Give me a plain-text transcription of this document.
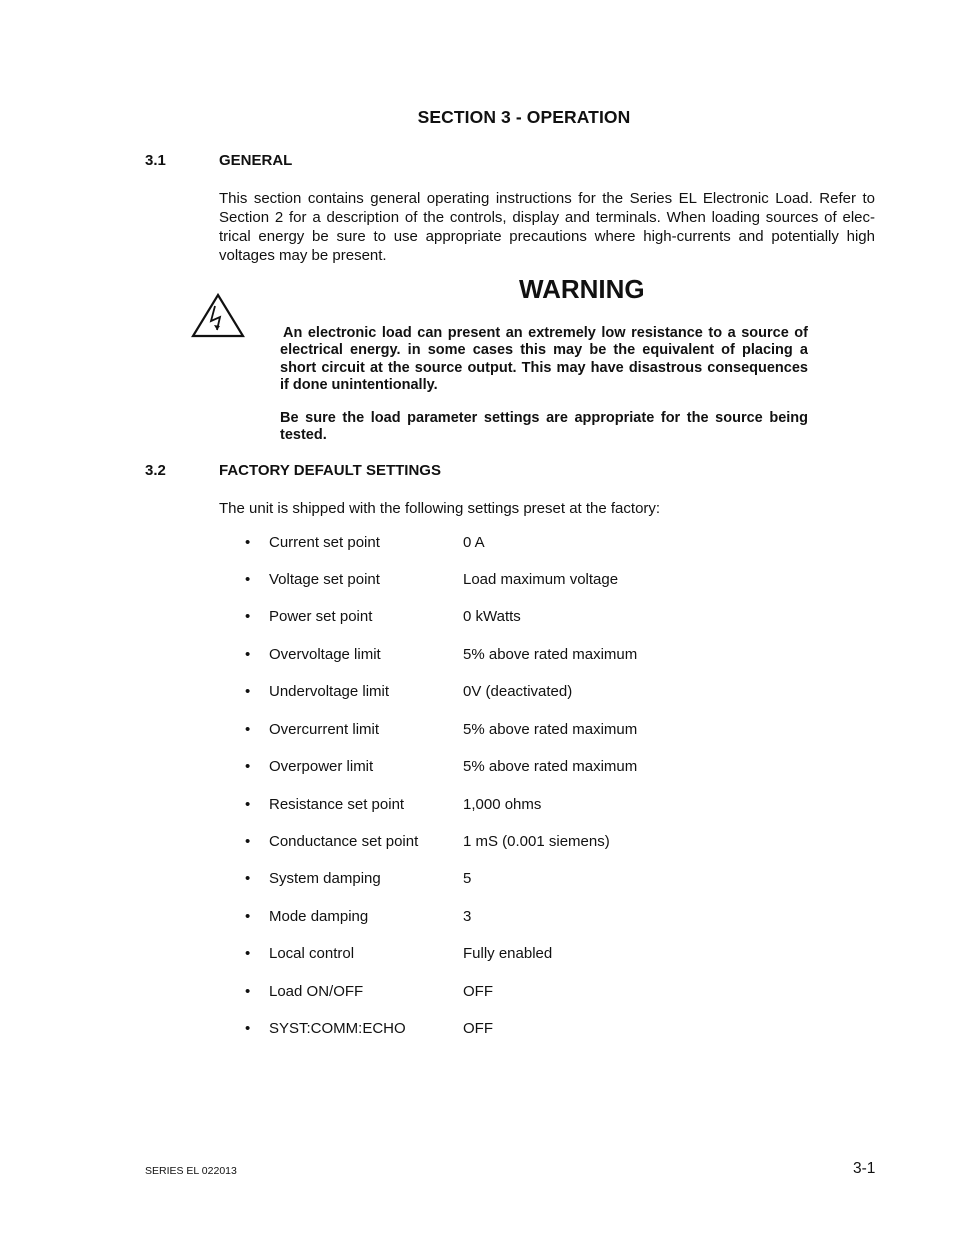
SECTION 3 - OPERATION
3.1	GENERAL
This section contains general operating instructions for the Series EL Electronic Load. Refer to Section 2 for a description of the controls, display and terminals. When loading sources of elec-trical energy be sure to use appropriate precautions where high-currents and potentially high voltages may be present.
WARNING
An electronic load can present an extremely low resistance to a source of electrical energy. in some cases this may be the equivalent of placing a short circuit at the source output. This may have disastrous consequences if done unintentionally.
Be sure the load parameter settings are appropriate for the source being tested.
3.2	FACTORY DEFAULT SETTINGS
The unit is shipped with the following settings preset at the factory:
• Current set point	0 A
• Voltage set point	Load maximum voltage
• Power set point	0 kWatts
• Overvoltage limit	5% above rated maximum
• Undervoltage limit	0V (deactivated)
• Overcurrent limit	5% above rated maximum
• Overpower limit	5% above rated maximum
• Resistance set point	1,000 ohms
• Conductance set point	1 mS (0.001 siemens)
• System damping	5
• Mode damping	3
• Local control	Fully enabled
• Load ON/OFF	OFF
• SYST:COMM:ECHO	OFF
SERIES EL 022013	3-1
